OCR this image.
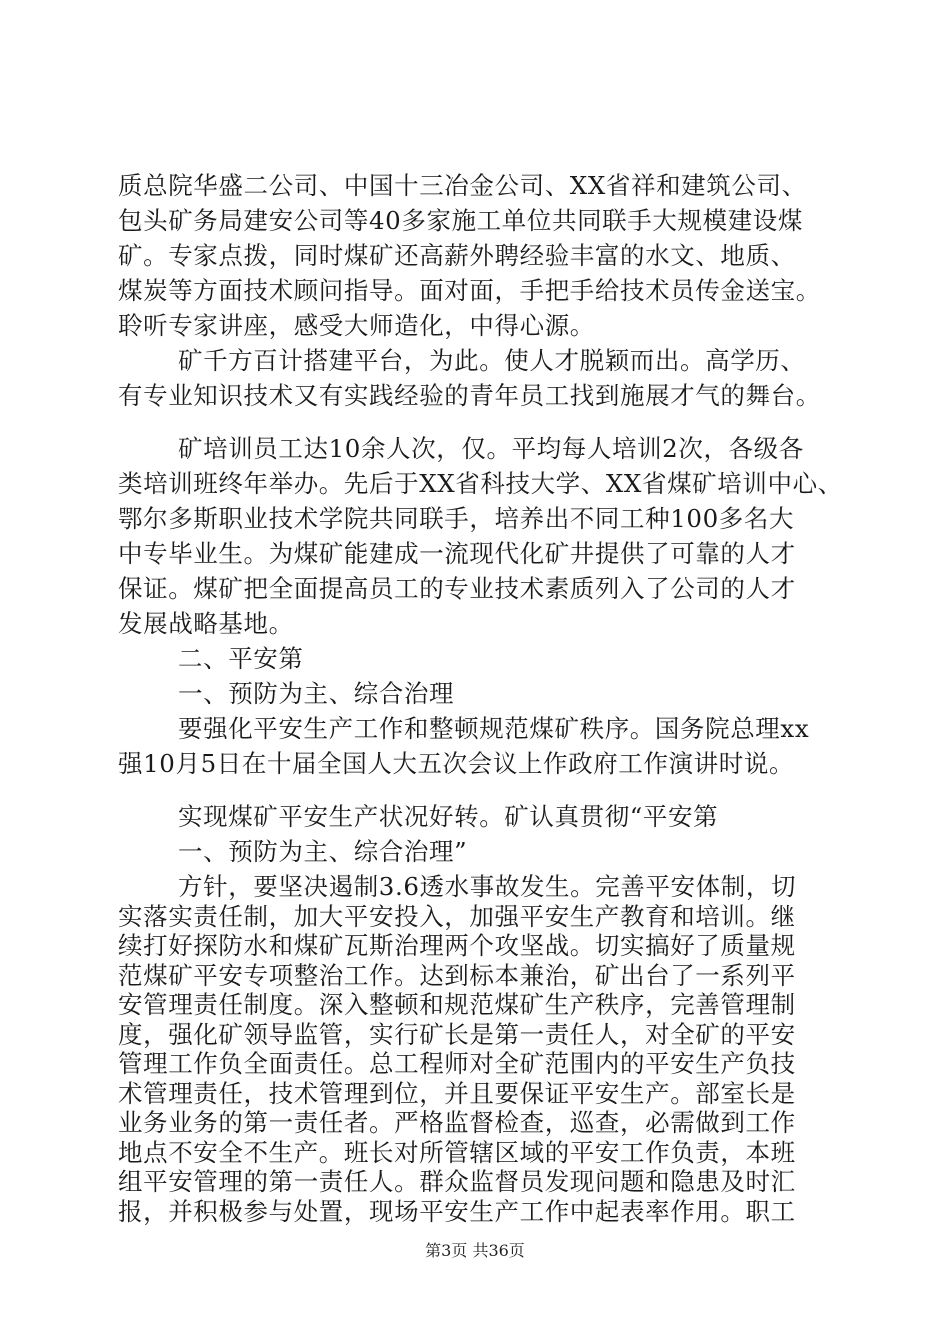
质总院华盛二公司、中国十三冶金公司、XX省祥和建筑公司、
包头矿务局建安公司等40多家施工单位共同联手大规模建设煤
矿。专家点拨，同时煤矿还高薪外聘经验丰富的水文、地质、
煤炭等方面技术顾问指导。面对面，手把手给技术员传金送宝。
聆听专家讲座，感受大师造化，中得心源。
矿千方百计搭建平台，为此。使人才脱颖而出。高学历、
有专业知识技术又有实践经验的青年员工找到施展才气的舞台。
矿培训员工达10余人次，仅。平均每人培训2次，各级各
类培训班终年举办。先后于XX省科技大学、XX省煤矿培训中心、
鄂尔多斯职业技术学院共同联手，培养出不同工种100多名大
中专毕业生。为煤矿能建成一流现代化矿井提供了可靠的人才
保证。煤矿把全面提高员工的专业技术素质列入了公司的人才
发展战略基地。
二、平安第
一、预防为主、综合治理
要强化平安生产工作和整顿规范煤矿秩序。国务院总理xx
强10月5日在十届全国人大五次会议上作政府工作演讲时说。
实现煤矿平安生产状况好转。矿认真贯彻“平安第
一、预防为主、综合治理”
方针，要坚决遏制3.6透水事故发生。完善平安体制，切
实落实责任制，加大平安投入，加强平安生产教育和培训。继
续打好探防水和煤矿瓦斯治理两个攻坚战。切实搞好了质量规
范煤矿平安专项整治工作。达到标本兼治，矿出台了一系列平
安管理责任制度。深入整顿和规范煤矿生产秩序，完善管理制
度，强化矿领导监管，实行矿长是第一责任人，对全矿的平安
管理工作负全面责任。总工程师对全矿范围内的平安生产负技
术管理责任，技术管理到位，并且要保证平安生产。部室长是
业务业务的第一责任者。严格监督检查，巡查，必需做到工作
地点不安全不生产。班长对所管辖区域的平安工作负责，本班
第3页 共36页
组平安管理的第一责任人。群众监督员发现问题和隐患及时汇
报，并积极参与处置，现场平安生产工作中起表率作用。职工
